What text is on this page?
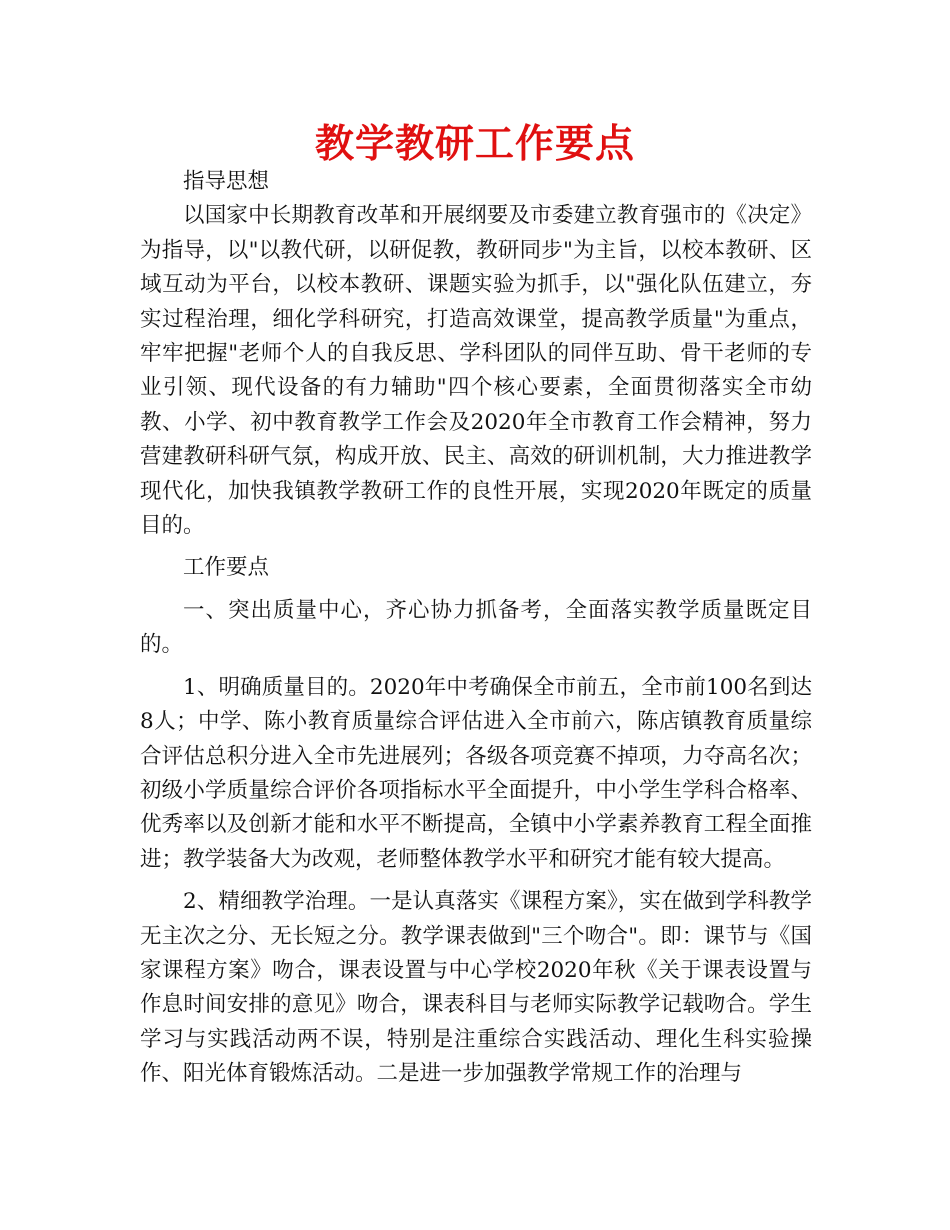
教学教研工作要点

指导思想

以国家中长期教育改革和开展纲要及市委建立教育强市的《决定》为指导，以"以教代研，以研促教，教研同步"为主旨，以校本教研、区域互动为平台，以校本教研、课题实验为抓手，以"强化队伍建立，夯实过程治理，细化学科研究，打造高效课堂，提高教学质量"为重点，牢牢把握"老师个人的自我反思、学科团队的同伴互助、骨干老师的专业引领、现代设备的有力辅助"四个核心要素，全面贯彻落实全市幼教、小学、初中教育教学工作会及2020年全市教育工作会精神，努力营建教研科研气氛，构成开放、民主、高效的研训机制，大力推进教学现代化，加快我镇教学教研工作的良性开展，实现2020年既定的质量目的。

工作要点

一、突出质量中心，齐心协力抓备考，全面落实教学质量既定目的。

1、明确质量目的。2020年中考确保全市前五，全市前100名到达8人；中学、陈小教育质量综合评估进入全市前六，陈店镇教育质量综合评估总积分进入全市先进展列；各级各项竞赛不掉项，力夺高名次；初级小学质量综合评价各项指标水平全面提升，中小学生学科合格率、优秀率以及创新才能和水平不断提高，全镇中小学素养教育工程全面推进；教学装备大为改观，老师整体教学水平和研究才能有较大提高。

2、精细教学治理。一是认真落实《课程方案》，实在做到学科教学无主次之分、无长短之分。教学课表做到"三个吻合"。即：课节与《国家课程方案》吻合，课表设置与中心学校2020年秋《关于课表设置与作息时间安排的意见》吻合，课表科目与老师实际教学记载吻合。学生学习与实践活动两不误，特别是注重综合实践活动、理化生科实验操作、阳光体育锻炼活动。二是进一步加强教学常规工作的治理与
